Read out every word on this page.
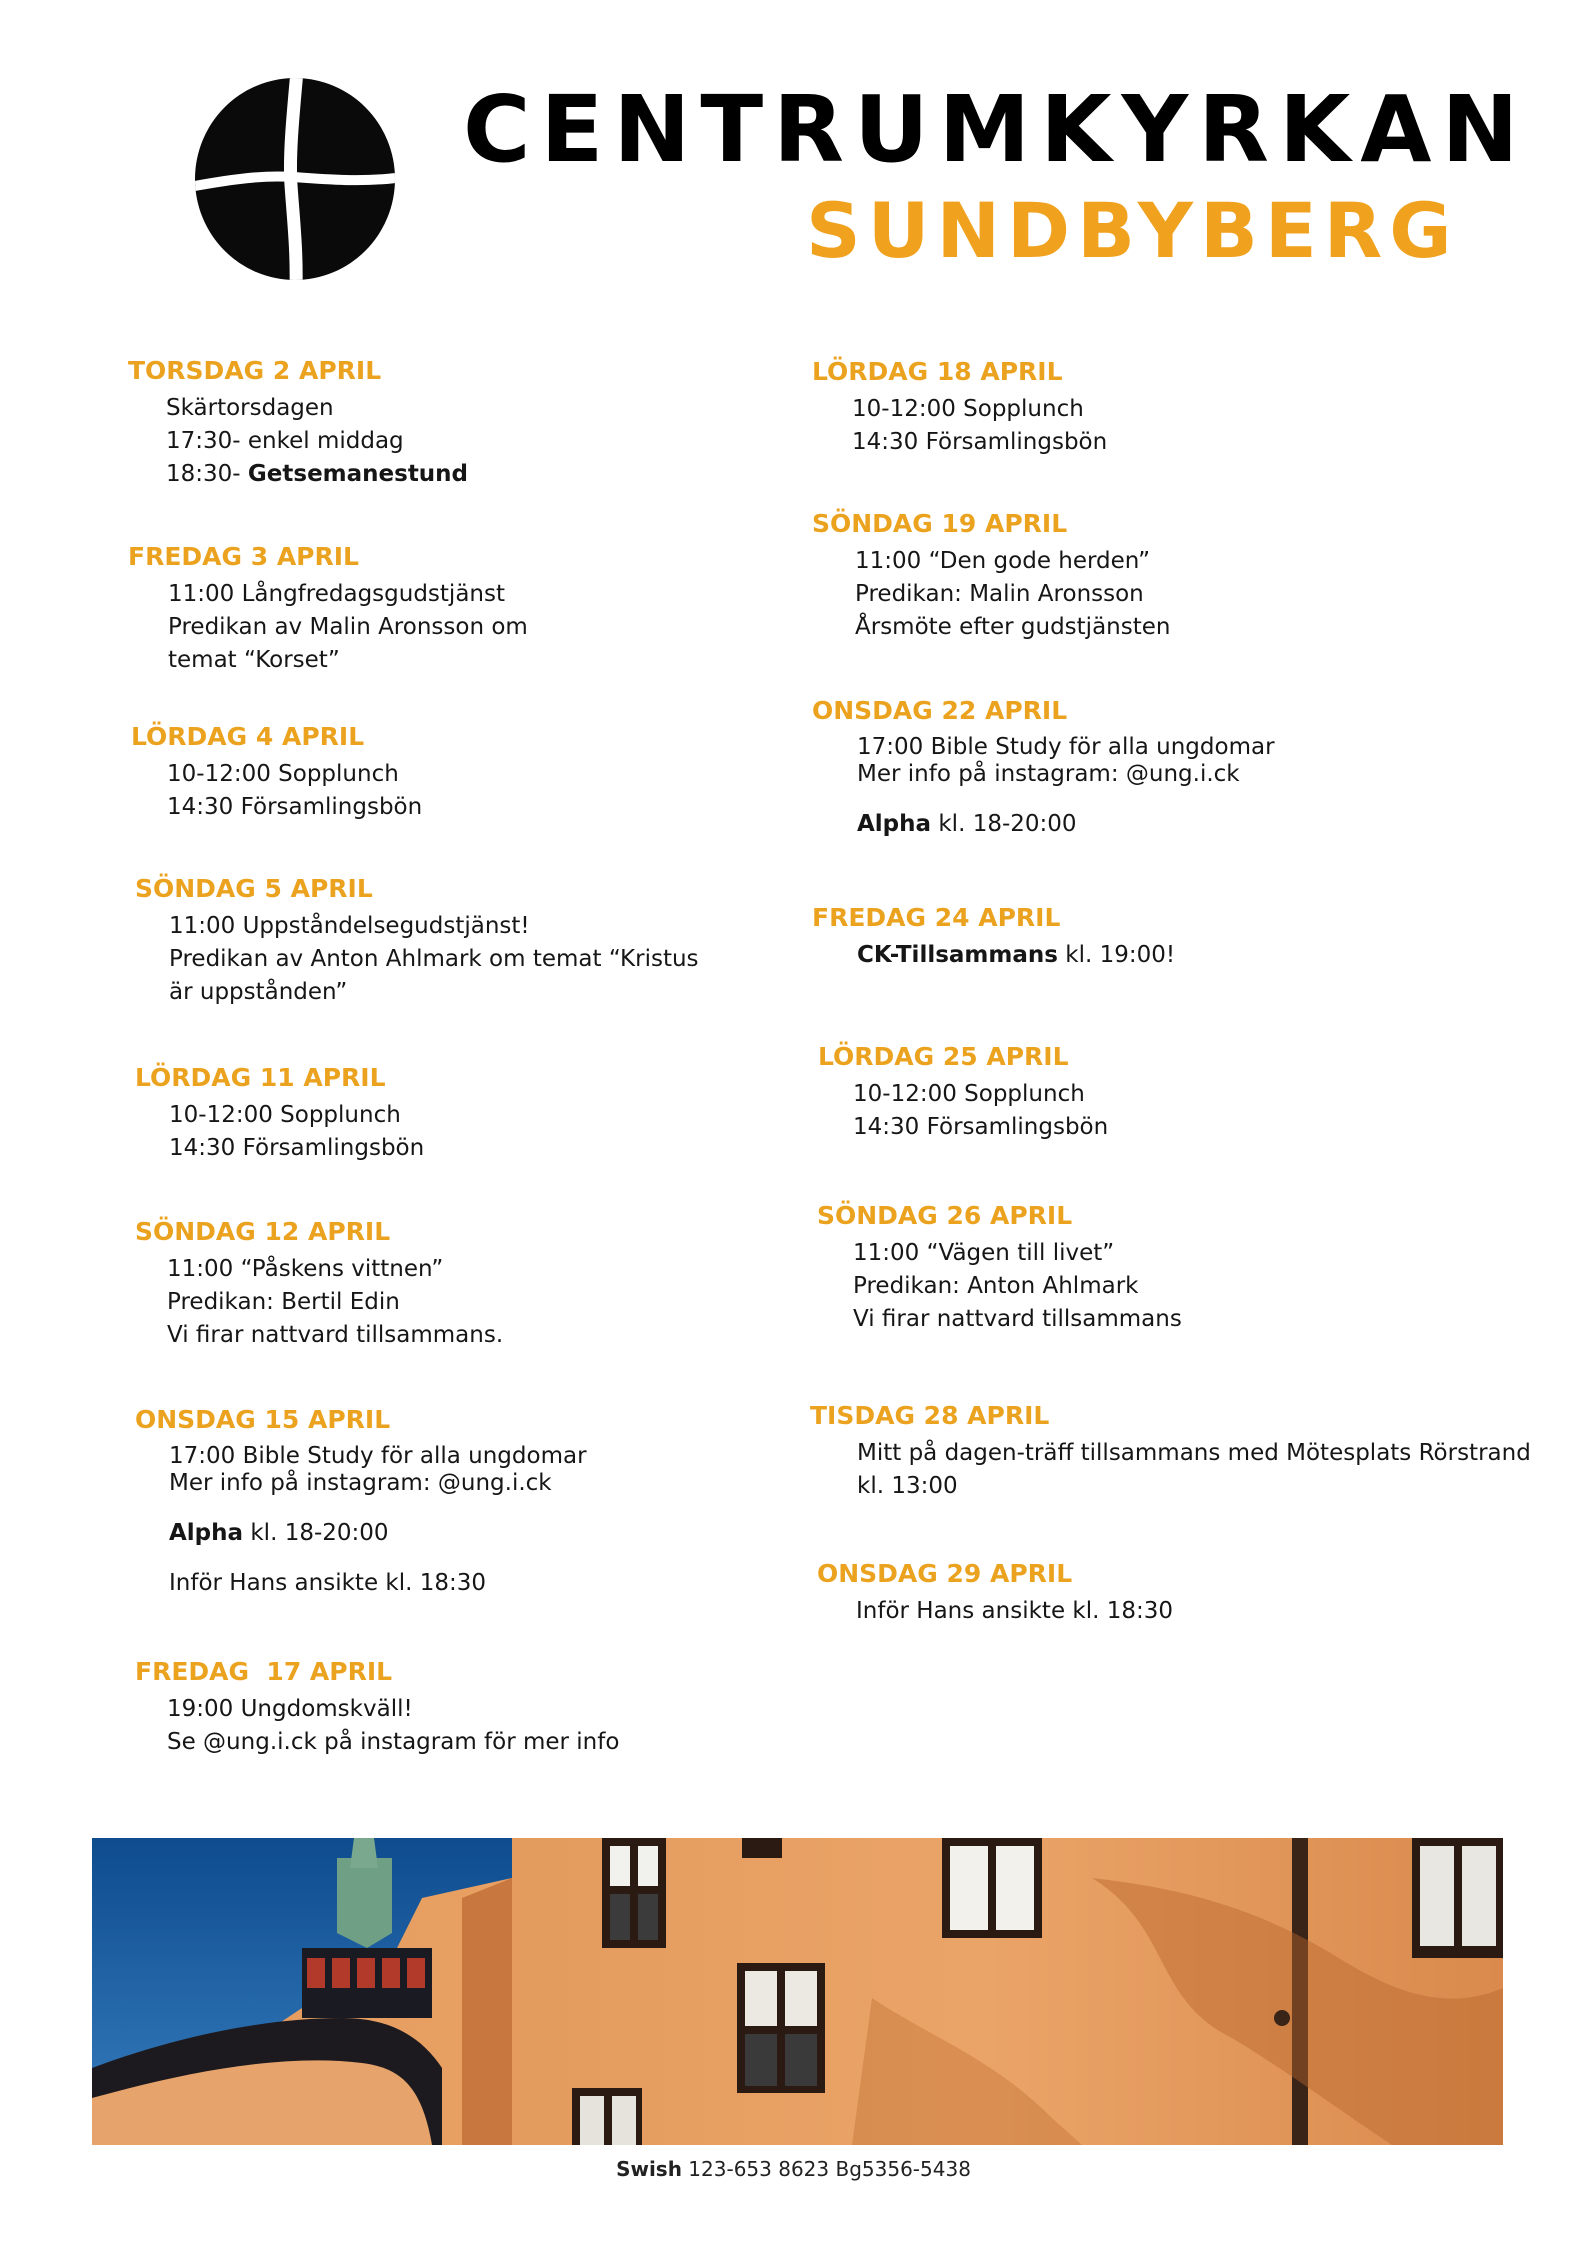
CENTRUMKYRKAN
SUNDBYBERG
TORSDAG 2 APRIL
Skärtorsdagen
17:30- enkel middag
18:30- Getsemanestund
FREDAG 3 APRIL
11:00 Långfredagsgudstjänst
Predikan av Malin Aronsson om
temat “Korset”
LÖRDAG 4 APRIL
10-12:00 Sopplunch
14:30 Församlingsbön
SÖNDAG 5 APRIL
11:00 Uppståndelsegudstjänst!
Predikan av Anton Ahlmark om temat “Kristus
är uppstånden”
LÖRDAG 11 APRIL
10-12:00 Sopplunch
14:30 Församlingsbön
SÖNDAG 12 APRIL
11:00 “Påskens vittnen”
Predikan: Bertil Edin
Vi firar nattvard tillsammans.
ONSDAG 15 APRIL
17:00 Bible Study för alla ungdomar
Mer info på instagram: @ung.i.ck
Alpha kl. 18-20:00
Inför Hans ansikte kl. 18:30
FREDAG  17 APRIL
19:00 Ungdomskväll!
Se @ung.i.ck på instagram för mer info
LÖRDAG 18 APRIL
10-12:00 Sopplunch
14:30 Församlingsbön
SÖNDAG 19 APRIL
11:00 “Den gode herden”
Predikan: Malin Aronsson
Årsmöte efter gudstjänsten
ONSDAG 22 APRIL
17:00 Bible Study för alla ungdomar
Mer info på instagram: @ung.i.ck
Alpha kl. 18-20:00
FREDAG 24 APRIL
CK-Tillsammans kl. 19:00!
LÖRDAG 25 APRIL
10-12:00 Sopplunch
14:30 Församlingsbön
SÖNDAG 26 APRIL
11:00 “Vägen till livet”
Predikan: Anton Ahlmark
Vi firar nattvard tillsammans
TISDAG 28 APRIL
Mitt på dagen-träff tillsammans med Mötesplats Rörstrand
kl. 13:00
ONSDAG 29 APRIL
Inför Hans ansikte kl. 18:30
Swish 123-653 8623 Bg5356-5438
